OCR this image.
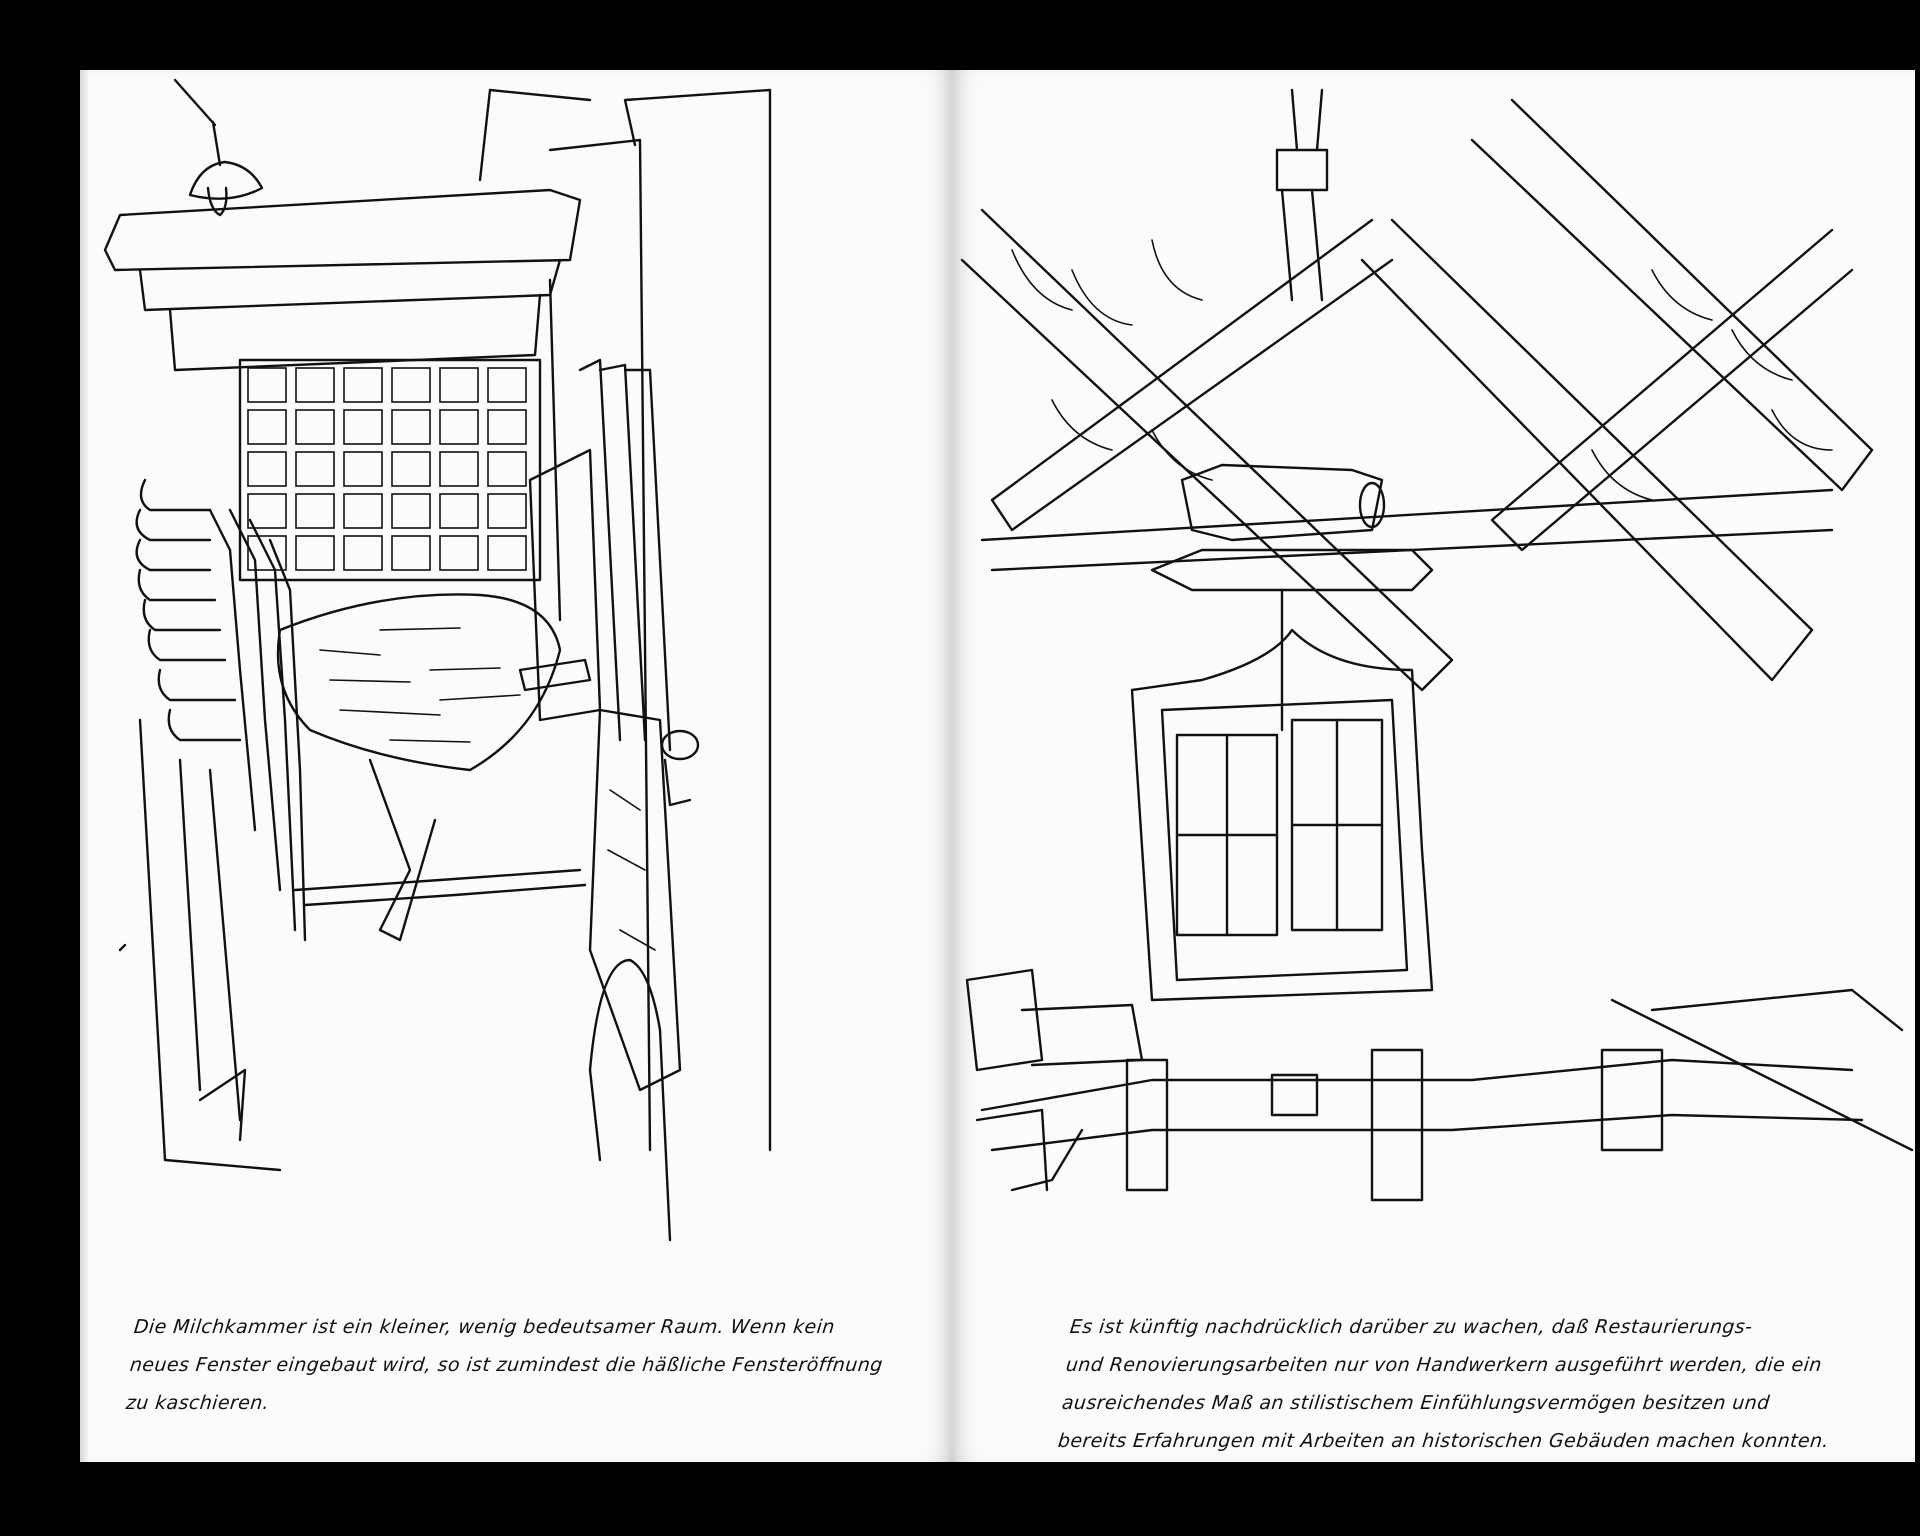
Die Milchkammer ist ein kleiner, wenig bedeutsamer Raum. Wenn kein
neues Fenster eingebaut wird, so ist zumindest die häßliche Fensteröffnung
zu kaschieren.
Es ist künftig nachdrücklich darüber zu wachen, daß Restaurierungs-
und Renovierungsarbeiten nur von Handwerkern ausgeführt werden, die ein
ausreichendes Maß an stilistischem Einfühlungsvermögen besitzen und
bereits Erfahrungen mit Arbeiten an historischen Gebäuden machen konnten.
